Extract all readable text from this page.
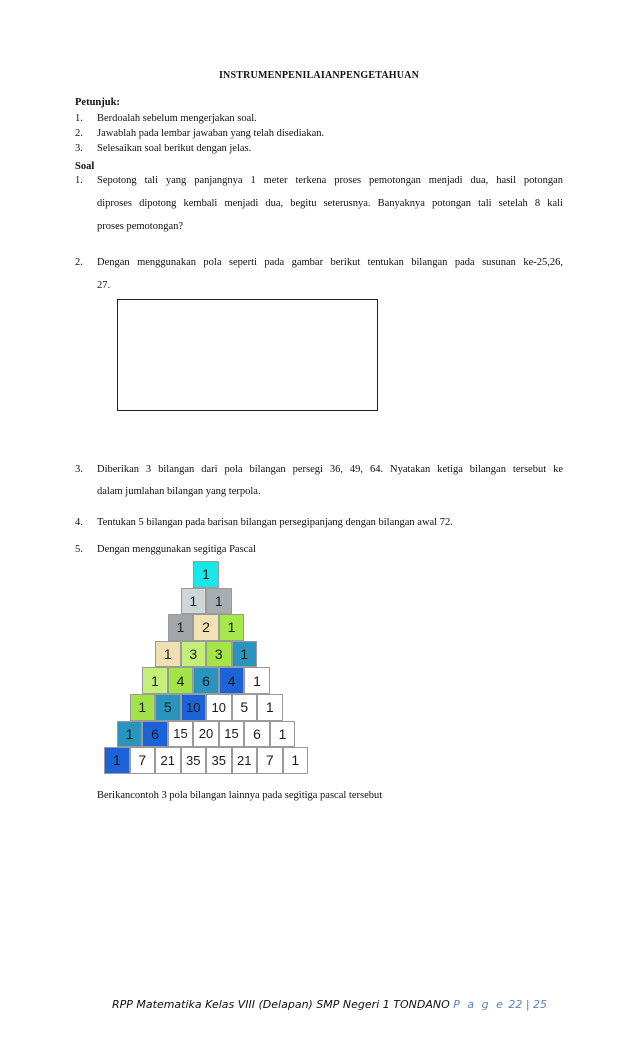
INSTRUMENPENILAIANPENGETAHUAN
Petunjuk:
1. Berdoalah sebelum mengerjakan soal.
2. Jawablah pada lembar jawaban yang telah disediakan.
3. Selesaikan soal berikut dengan jelas.
Soal
1. Sepotong tali yang panjangnya 1 meter terkena proses pemotongan menjadi dua, hasil potongan
diproses dipotong kembali menjadi dua, begitu seterusnya. Banyaknya potongan tali setelah 8 kali
proses pemotongan?
2. Dengan menggunakan pola seperti pada gambar berikut tentukan bilangan pada susunan ke-25,26,
27.
3. Diberikan 3 bilangan dari pola bilangan persegi 36, 49, 64. Nyatakan ketiga bilangan tersebut ke
dalam jumlahan bilangan yang terpola.
4. Tentukan 5 bilangan pada barisan bilangan persegipanjang dengan bilangan awal 72.
5. Dengan menggunakan segitiga Pascal
1
1	1
1	2	1
1	3	3	1
1	4	6	4	1
1	5	10 10	5	1
1	6	15 20 15	6	1
1	7	21 35 35 21	7	1
Berikancontoh 3 pola bilangan lainnya pada segitiga pascal tersebut
RPP Matematika Kelas VIII (Delapan) SMP Negeri 1 TONDANO P a g e 22 | 25
